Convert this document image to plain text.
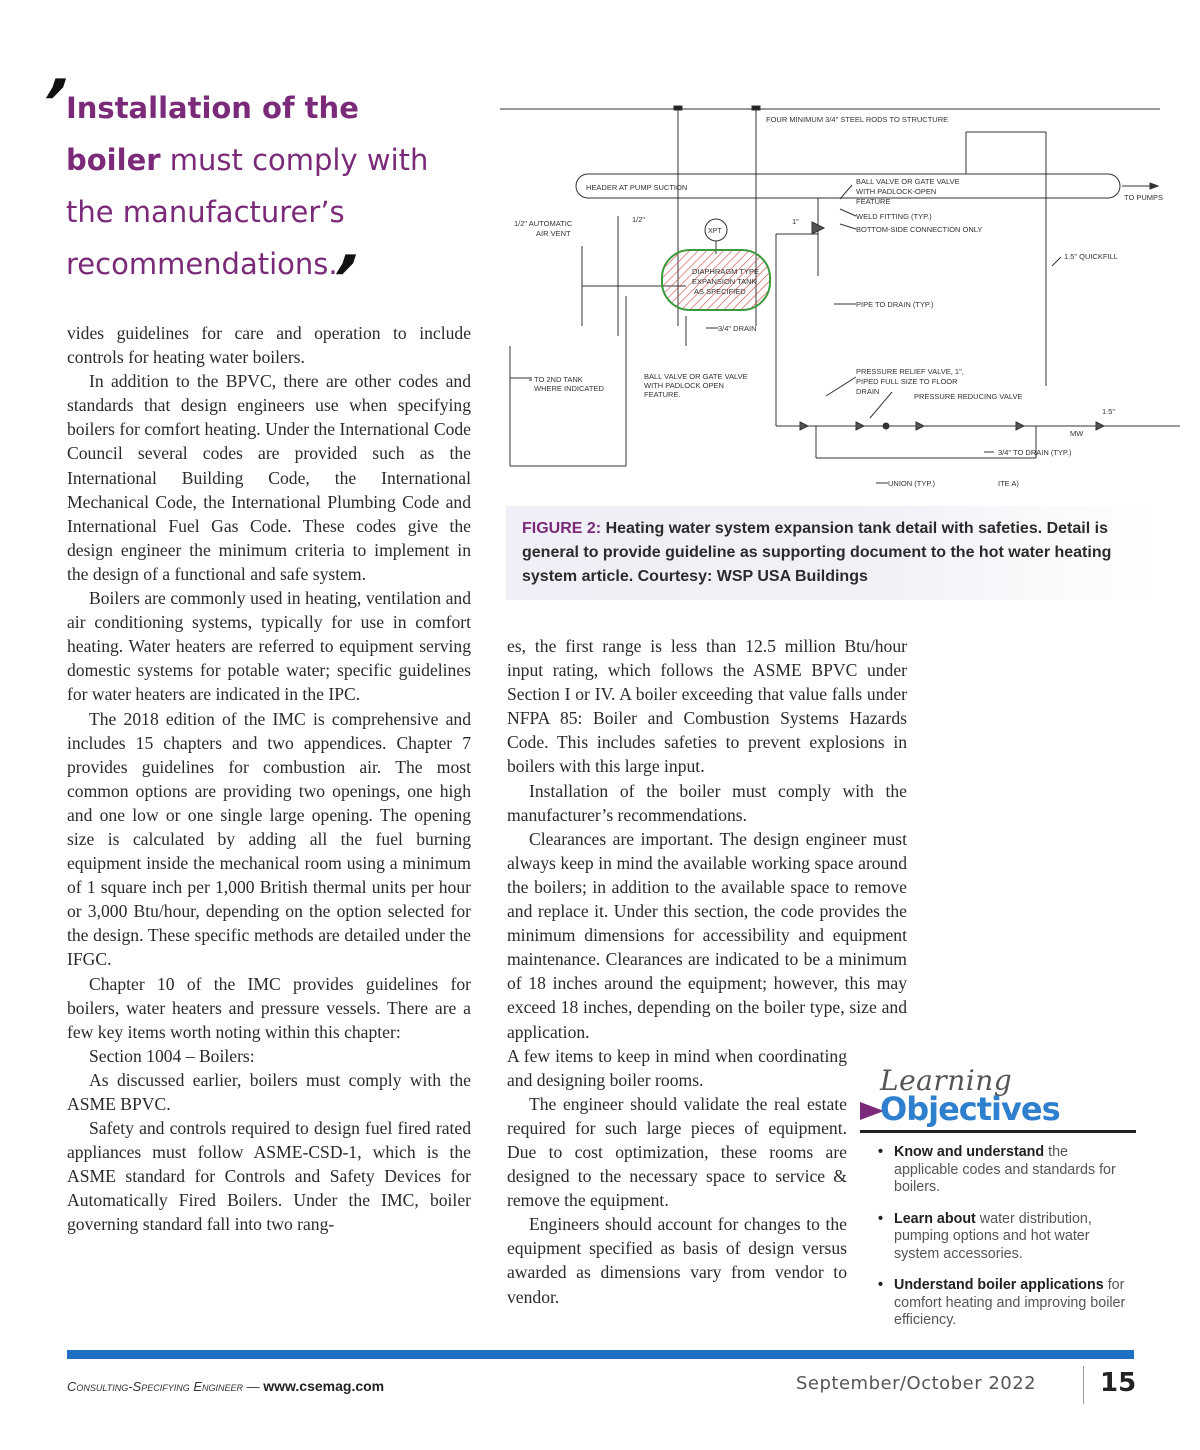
’
Installation of the
boiler must comply with
the manufacturer’s
recommendations.
’

vides guidelines for care and operation to include controls for heating water boilers.

In addition to the BPVC, there are other codes and standards that design engineers use when specifying boilers for comfort heating. Under the International Code Council several codes are provided such as the International Building Code, the International Mechanical Code, the International Plumbing Code and International Fuel Gas Code. These codes give the design engineer the minimum criteria to implement in the design of a functional and safe system.

Boilers are commonly used in heating, ventilation and air conditioning systems, typically for use in comfort heating. Water heaters are referred to equipment serving domestic systems for potable water; specific guidelines for water heaters are indicated in the IPC.

The 2018 edition of the IMC is comprehensive and includes 15 chapters and two appendices. Chapter 7 provides guidelines for combustion air. The most common options are providing two openings, one high and one low or one single large opening. The opening size is calculated by adding all the fuel burning equipment inside the mechanical room using a minimum of 1 square inch per 1,000 British thermal units per hour or 3,000 Btu/hour, depending on the option selected for the design. These specific methods are detailed under the IFGC.

Chapter 10 of the IMC provides guidelines for boilers, water heaters and pressure vessels. There are a few key items worth noting within this chapter:

Section 1004 – Boilers:

As discussed earlier, boilers must comply with the ASME BPVC.

Safety and controls required to design fuel fired rated appliances must follow ASME-CSD-1, which is the ASME standard for Controls and Safety Devices for Automatically Fired Boilers. Under the IMC, boiler governing standard fall into two rang-

es, the first range is less than 12.5 million Btu/hour input rating, which follows the ASME BPVC under Section I or IV. A boiler exceeding that value falls under NFPA 85: Boiler and Combustion Systems Hazards Code. This includes safeties to prevent explosions in boilers with this large input.

Installation of the boiler must comply with the manufacturer’s recommendations.

Clearances are important. The design engineer must always keep in mind the available working space around the boilers; in addition to the available space to remove and replace it. Under this section, the code provides the minimum dimensions for accessibility and equipment maintenance. Clearances are indicated to be a minimum of 18 inches around the equipment; however, this may exceed 18 inches, depending on the boiler type, size and application.

A few items to keep in mind when coordinating and designing boiler rooms.

The engineer should validate the real estate required for such large pieces of equipment. Due to cost optimization, these rooms are designed to the necessary space to service & remove the equipment.

Engineers should account for changes to the equipment specified as basis of design versus awarded as dimensions vary from vendor to vendor.

FOUR MINIMUM 3/4" STEEL RODS TO STRUCTURE
HEADER AT PUMP SUCTION
TO PUMPS
BALL VALVE OR GATE VALVE
WITH PADLOCK-OPEN
FEATURE
WELD FITTING (TYP.)
BOTTOM-SIDE CONNECTION ONLY
1/2" AUTOMATIC
AIR VENT
1/2"	1"
XPT
1.5" QUICKFILL
DIAPHRAGM TYPE
EXPANSION TANK
AS SPECIFIED
PIPE TO DRAIN (TYP.)
3/4" DRAIN
TO 2ND TANK
WHERE INDICATED
BALL VALVE OR GATE VALVE
WITH PADLOCK OPEN
FEATURE.
PRESSURE RELIEF VALVE, 1",
PIPED FULL SIZE TO FLOOR
DRAIN
PRESSURE REDUCING VALVE
MW
1.5"
3/4" TO DRAIN (TYP.)
UNION (TYP.)	ITE A)
FIGURE 2: Heating water system expansion tank detail with safeties. Detail is general to provide guideline as supporting document to the hot water heating system article. Courtesy: WSP USA Buildings
Learning
Objectives
• Know and understand the applicable codes and standards for boilers.
• Learn about water distribution, pumping options and hot water system accessories.
• Understand boiler applications for comfort heating and improving boiler efficiency.
Consulting-Specifying Engineer — www.csemag.com	September/October 2022 15
